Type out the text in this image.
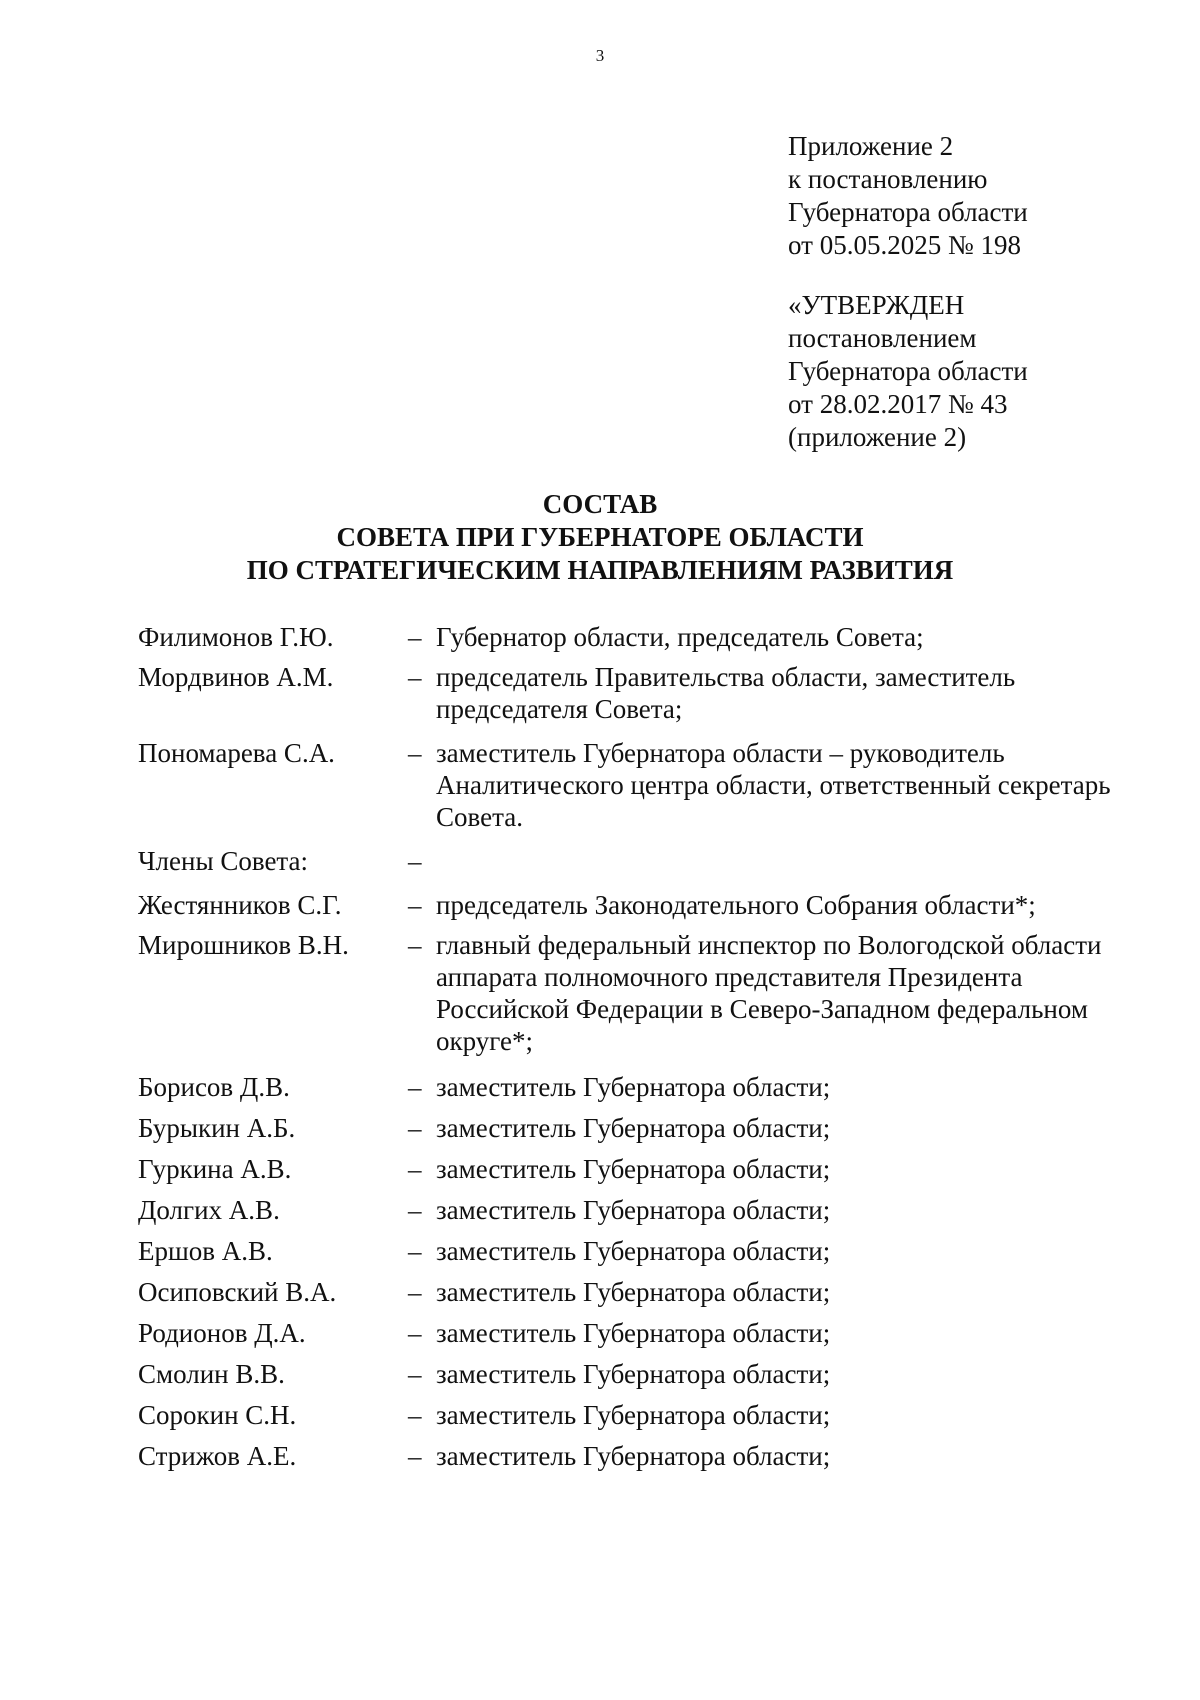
3
Приложение 2
к постановлению
Губернатора области
от 05.05.2025 № 198
«УТВЕРЖДЕН
постановлением
Губернатора области
от 28.02.2017 № 43
(приложение 2)
СОСТАВ
СОВЕТА ПРИ ГУБЕРНАТОРЕ ОБЛАСТИ
ПО СТРАТЕГИЧЕСКИМ НАПРАВЛЕНИЯМ РАЗВИТИЯ
Филимонов Г.Ю.	– Губернатор области, председатель Совета;
Мордвинов А.М.	– председатель Правительства области, заместитель председателя Совета;
Пономарева С.А.	– заместитель Губернатора области – руководитель Аналитического центра области, ответственный секретарь Совета.
Члены Совета:	–
Жестянников С.Г.	– председатель Законодательного Собрания области*;
Мирошников В.Н.	– главный федеральный инспектор по Вологодской области аппарата полномочного представителя Президента Российской Федерации в Северо-Западном федеральном округе*;
Борисов Д.В.	– заместитель Губернатора области;
Бурыкин А.Б.	– заместитель Губернатора области;
Гуркина А.В.	– заместитель Губернатора области;
Долгих А.В.	– заместитель Губернатора области;
Ершов А.В.	– заместитель Губернатора области;
Осиповский В.А.	– заместитель Губернатора области;
Родионов Д.А.	– заместитель Губернатора области;
Смолин В.В.	– заместитель Губернатора области;
Сорокин С.Н.	– заместитель Губернатора области;
Стрижов А.Е.	– заместитель Губернатора области;
